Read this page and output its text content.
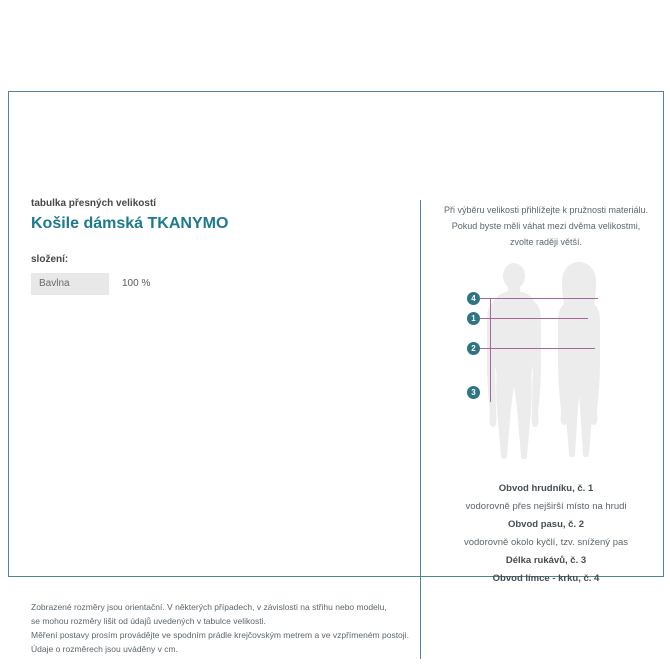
tabulka přesných velikostí
Košile dámská TKANYMO
složení:
Bavlna	100 %
Zobrazené rozměry jsou orientační. V některých případech, v závislosti na střihu nebo modelu,
se mohou rozměry lišit od údajů uvedených v tabulce velikosti.
Měření postavy prosím provádějte ve spodním prádle krejčovským metrem a ve vzpřímeném postoji.
Údaje o rozměrech jsou uváděny v cm.
Při výběru velikosti přihlížejte k pružnosti materiálu.
Pokud byste měli váhat mezi dvěma velikostmi,
zvolte raději větší.
4
1
2
3
Obvod hrudníku, č. 1
vodorovně přes nejširší místo na hrudi
Obvod pasu, č. 2
vodorovně okolo kyčlí, tzv. snížený pas
Délka rukávů, č. 3
Obvod límce - krku, č. 4
